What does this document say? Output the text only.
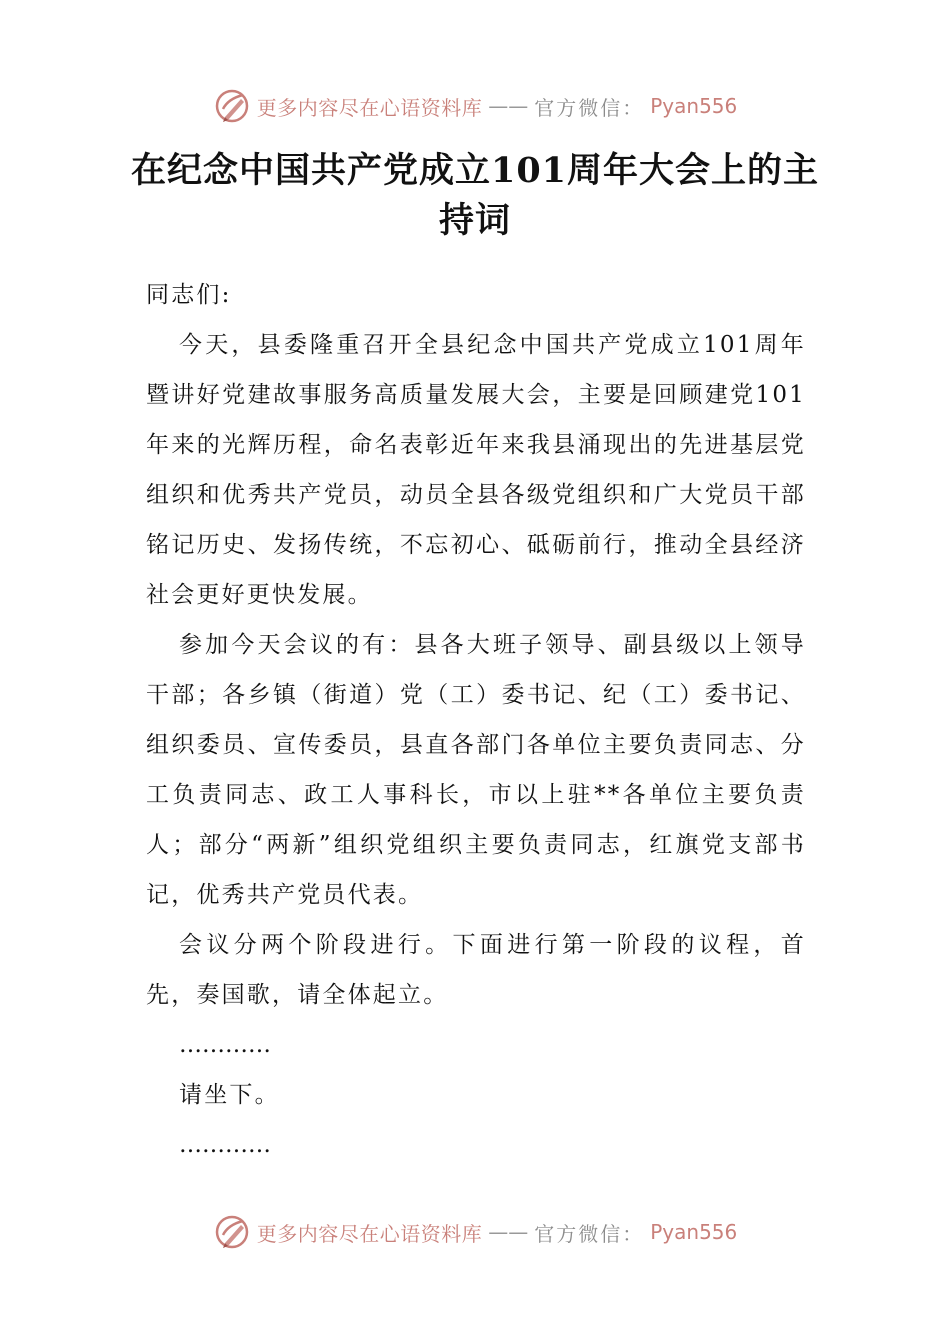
更多内容尽在心语资料库 —— 官方微信： Pyan556
在纪念中国共产党成立101周年大会上的主持词

同志们:

今天，县委隆重召开全县纪念中国共产党成立101周年暨讲好党建故事服务高质量发展大会，主要是回顾建党101年来的光辉历程，命名表彰近年来我县涌现出的先进基层党组织和优秀共产党员，动员全县各级党组织和广大党员干部铭记历史、发扬传统，不忘初心、砥砺前行，推动全县经济社会更好更快发展。

参加今天会议的有：县各大班子领导、副县级以上领导干部；各乡镇（街道）党（工）委书记、纪（工）委书记、组织委员、宣传委员，县直各部门各单位主要负责同志、分工负责同志、政工人事科长，市以上驻**各单位主要负责人；部分“两新”组织党组织主要负责同志，红旗党支部书记，优秀共产党员代表。

会议分两个阶段进行。下面进行第一阶段的议程，首先，奏国歌，请全体起立。

…………

请坐下。

…………

更多内容尽在心语资料库 —— 官方微信： Pyan556
